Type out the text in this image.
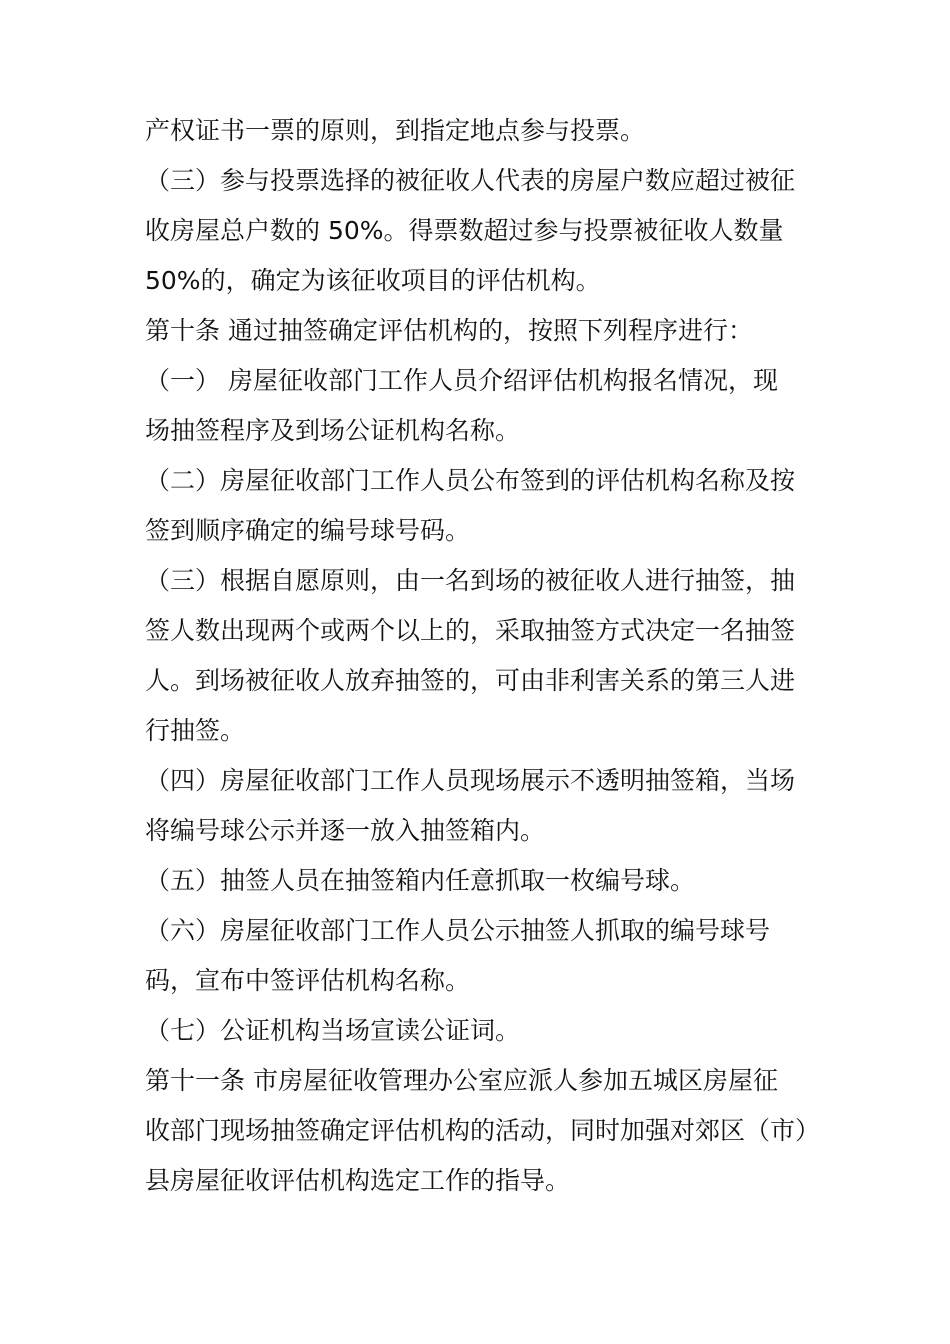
产权证书一票的原则，到指定地点参与投票。
（三）参与投票选择的被征收人代表的房屋户数应超过被征
收房屋总户数的 50%。得票数超过参与投票被征收人数量
50%的，确定为该征收项目的评估机构。
第十条 通过抽签确定评估机构的，按照下列程序进行：
（一） 房屋征收部门工作人员介绍评估机构报名情况，现
场抽签程序及到场公证机构名称。
（二）房屋征收部门工作人员公布签到的评估机构名称及按
签到顺序确定的编号球号码。
（三）根据自愿原则，由一名到场的被征收人进行抽签，抽
签人数出现两个或两个以上的，采取抽签方式决定一名抽签
人。到场被征收人放弃抽签的，可由非利害关系的第三人进
行抽签。
（四）房屋征收部门工作人员现场展示不透明抽签箱，当场
将编号球公示并逐一放入抽签箱内。
（五）抽签人员在抽签箱内任意抓取一枚编号球。
（六）房屋征收部门工作人员公示抽签人抓取的编号球号
码，宣布中签评估机构名称。
（七）公证机构当场宣读公证词。
第十一条 市房屋征收管理办公室应派人参加五城区房屋征
收部门现场抽签确定评估机构的活动，同时加强对郊区（市）
县房屋征收评估机构选定工作的指导。
